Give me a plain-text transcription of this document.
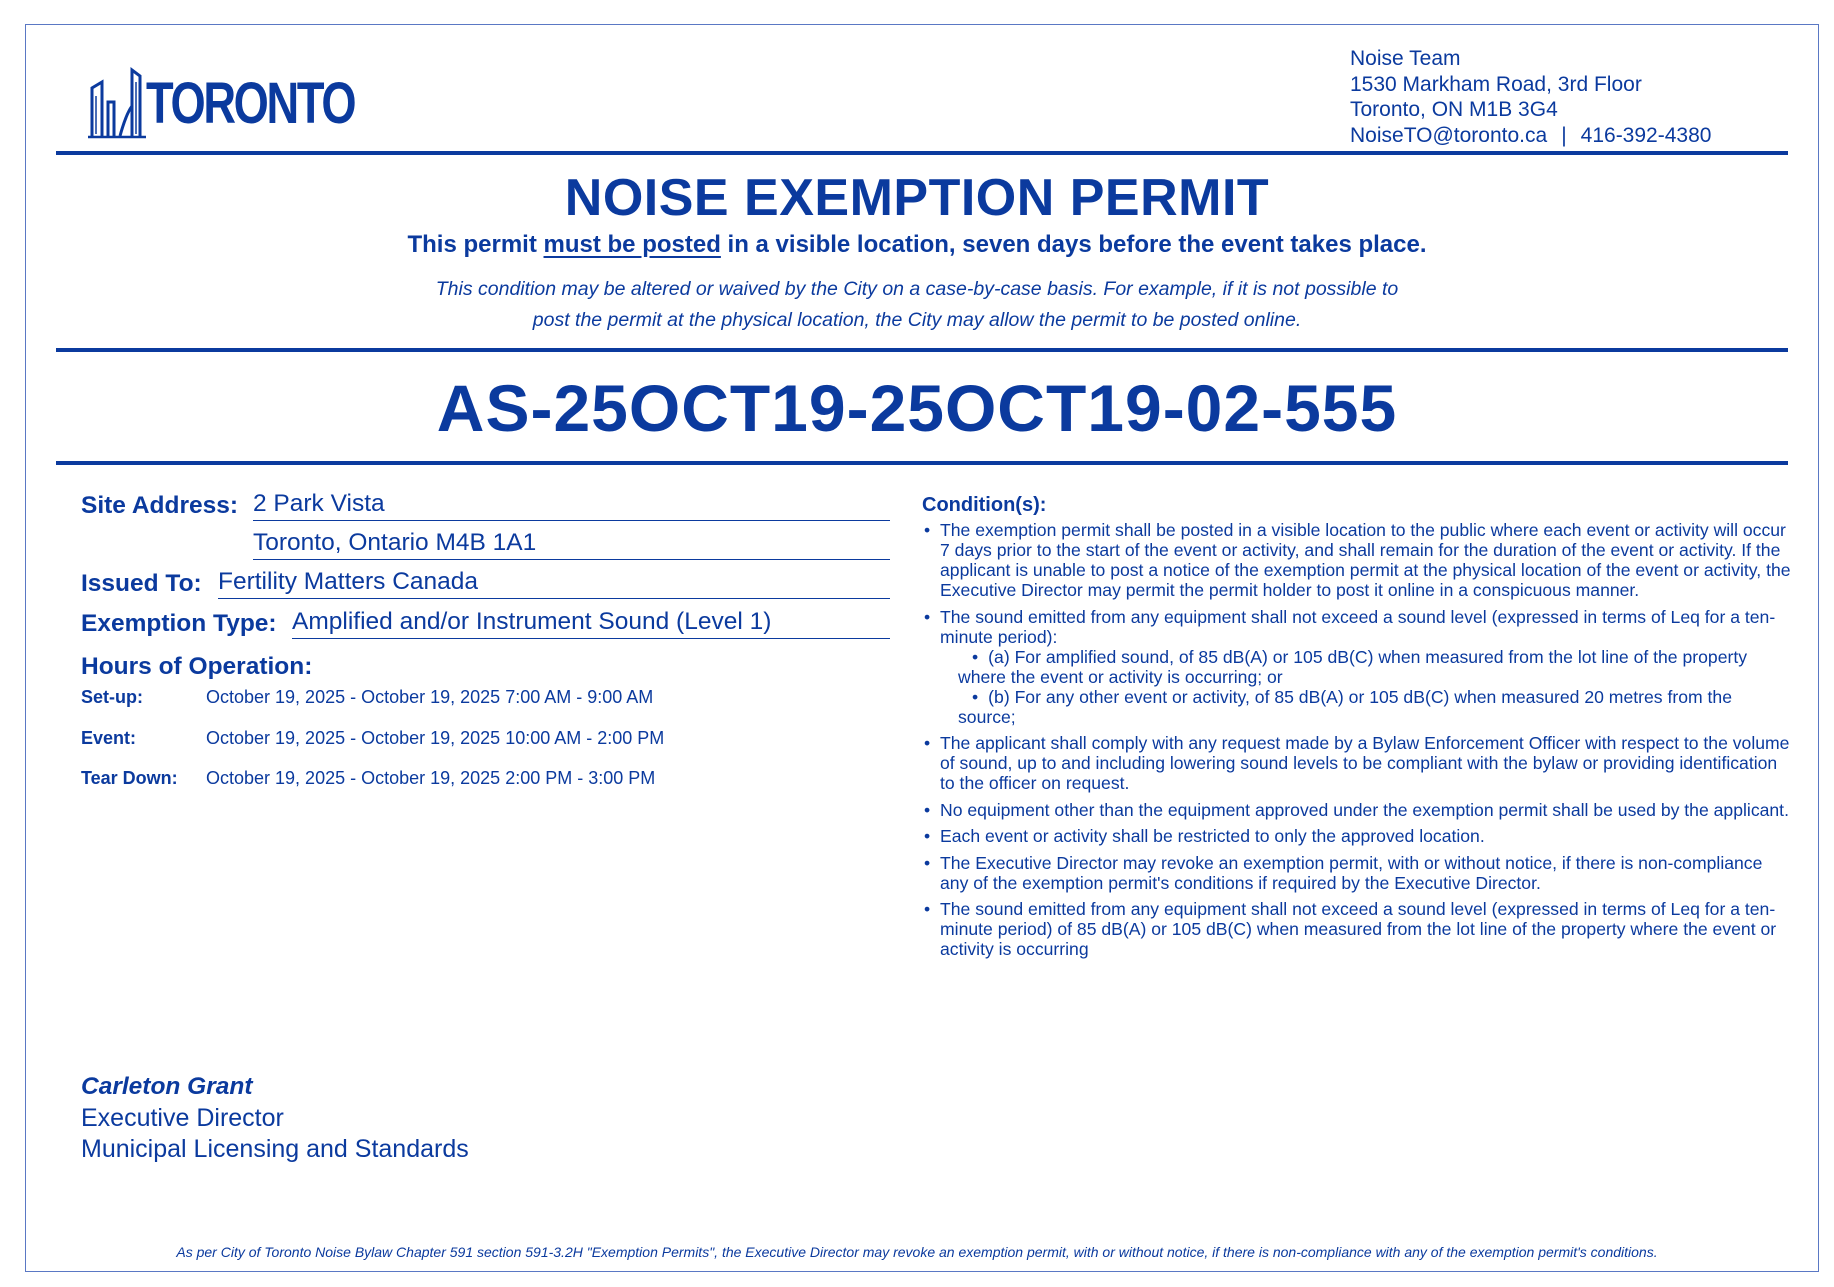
TORONTO
Noise Team
1530 Markham Road, 3rd Floor
Toronto, ON M1B 3G4
NoiseTO@toronto.ca | 416-392-4380
NOISE EXEMPTION PERMIT
This permit must be posted in a visible location, seven days before the event takes place.
This condition may be altered or waived by the City on a case-by-case basis. For example, if it is not possible to
post the permit at the physical location, the City may allow the permit to be posted online.
AS-25OCT19-25OCT19-02-555
Site Address: 2 Park Vista
Toronto, Ontario M4B 1A1
Issued To: Fertility Matters Canada
Exemption Type: Amplified and/or Instrument Sound (Level 1)
Hours of Operation:
Set-up:	October 19, 2025 - October 19, 2025 7:00 AM - 9:00 AM
Event:	October 19, 2025 - October 19, 2025 10:00 AM - 2:00 PM
Tear Down: October 19, 2025 - October 19, 2025 2:00 PM - 3:00 PM
Condition(s):
• The exemption permit shall be posted in a visible location to the public where each event or activity will occur 7 days prior to the start of the event or activity, and shall remain for the duration of the event or activity. If the applicant is unable to post a notice of the exemption permit at the physical location of the event or activity, the Executive Director may permit the permit holder to post it online in a conspicuous manner.
• The sound emitted from any equipment shall not exceed a sound level (expressed in terms of Leq for a ten-minute period):
• (a) For amplified sound, of 85 dB(A) or 105 dB(C) when measured from the lot line of the property where the event or activity is occurring; or
• (b) For any other event or activity, of 85 dB(A) or 105 dB(C) when measured 20 metres from the source;
• The applicant shall comply with any request made by a Bylaw Enforcement Officer with respect to the volume of sound, up to and including lowering sound levels to be compliant with the bylaw or providing identification to the officer on request.
• No equipment other than the equipment approved under the exemption permit shall be used by the applicant.
• Each event or activity shall be restricted to only the approved location.
• The Executive Director may revoke an exemption permit, with or without notice, if there is non-compliance any of the exemption permit's conditions if required by the Executive Director.
• The sound emitted from any equipment shall not exceed a sound level (expressed in terms of Leq for a ten-minute period) of 85 dB(A) or 105 dB(C) when measured from the lot line of the property where the event or activity is occurring
Carleton Grant
Executive Director
Municipal Licensing and Standards
As per City of Toronto Noise Bylaw Chapter 591 section 591-3.2H "Exemption Permits", the Executive Director may revoke an exemption permit, with or without notice, if there is non-compliance with any of the exemption permit's conditions.
